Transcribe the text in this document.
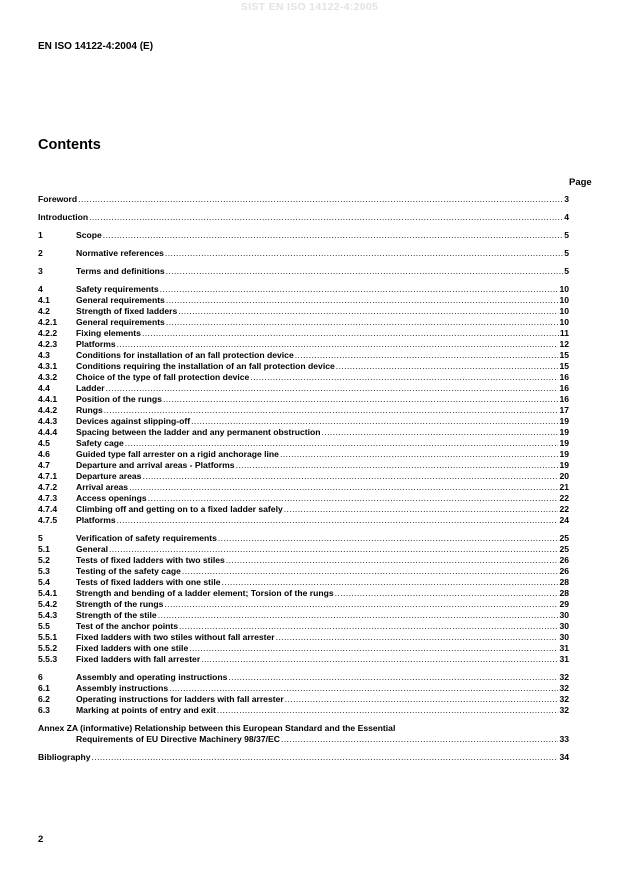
SIST EN ISO 14122-4:2005
EN ISO 14122-4:2004 (E)
Contents
Page
Foreword .....	3
Introduction .....	4
1	Scope .....	5
2	Normative references .....	5
3	Terms and definitions .....	5
4	Safety requirements .....	10
4.1	General requirements .....	10
4.2	Strength of fixed ladders .....	10
4.2.1	General requirements .....	10
4.2.2	Fixing elements .....	11
4.2.3	Platforms .....	12
4.3	Conditions for installation of an fall protection device .....	15
4.3.1	Conditions requiring the installation of an fall protection device .....	15
4.3.2	Choice of the type of fall protection device .....	16
4.4	Ladder .....	16
4.4.1	Position of the rungs .....	16
4.4.2	Rungs .....	17
4.4.3	Devices against slipping-off .....	19
4.4.4	Spacing between the ladder and any permanent obstruction .....	19
4.5	Safety cage .....	19
4.6	Guided type fall arrester on a rigid anchorage line .....	19
4.7	Departure and arrival areas - Platforms .....	19
4.7.1	Departure areas .....	20
4.7.2	Arrival areas .....	21
4.7.3	Access openings .....	22
4.7.4	Climbing off and getting on to a fixed ladder safely .....	22
4.7.5	Platforms .....	24
5	Verification of safety requirements .....	25
5.1	General .....	25
5.2	Tests of fixed ladders with two stiles .....	26
5.3	Testing of the safety cage .....	26
5.4	Tests of fixed ladders with one stile .....	28
5.4.1	Strength and bending of a ladder element; Torsion of the rungs .....	28
5.4.2	Strength of the rungs .....	29
5.4.3	Strength of the stile .....	30
5.5	Test of the anchor points .....	30
5.5.1	Fixed ladders with two stiles without fall arrester .....	30
5.5.2	Fixed ladders with one stile .....	31
5.5.3	Fixed ladders with fall arrester .....	31
6	Assembly and operating instructions .....	32
6.1	Assembly instructions .....	32
6.2	Operating instructions for ladders with fall arrester .....	32
6.3	Marking at points of entry and exit .....	32
Annex ZA (informative) Relationship between this European Standard and the Essential
Requirements of EU Directive Machinery 98/37/EC .....	33
Bibliography .....	34
2
